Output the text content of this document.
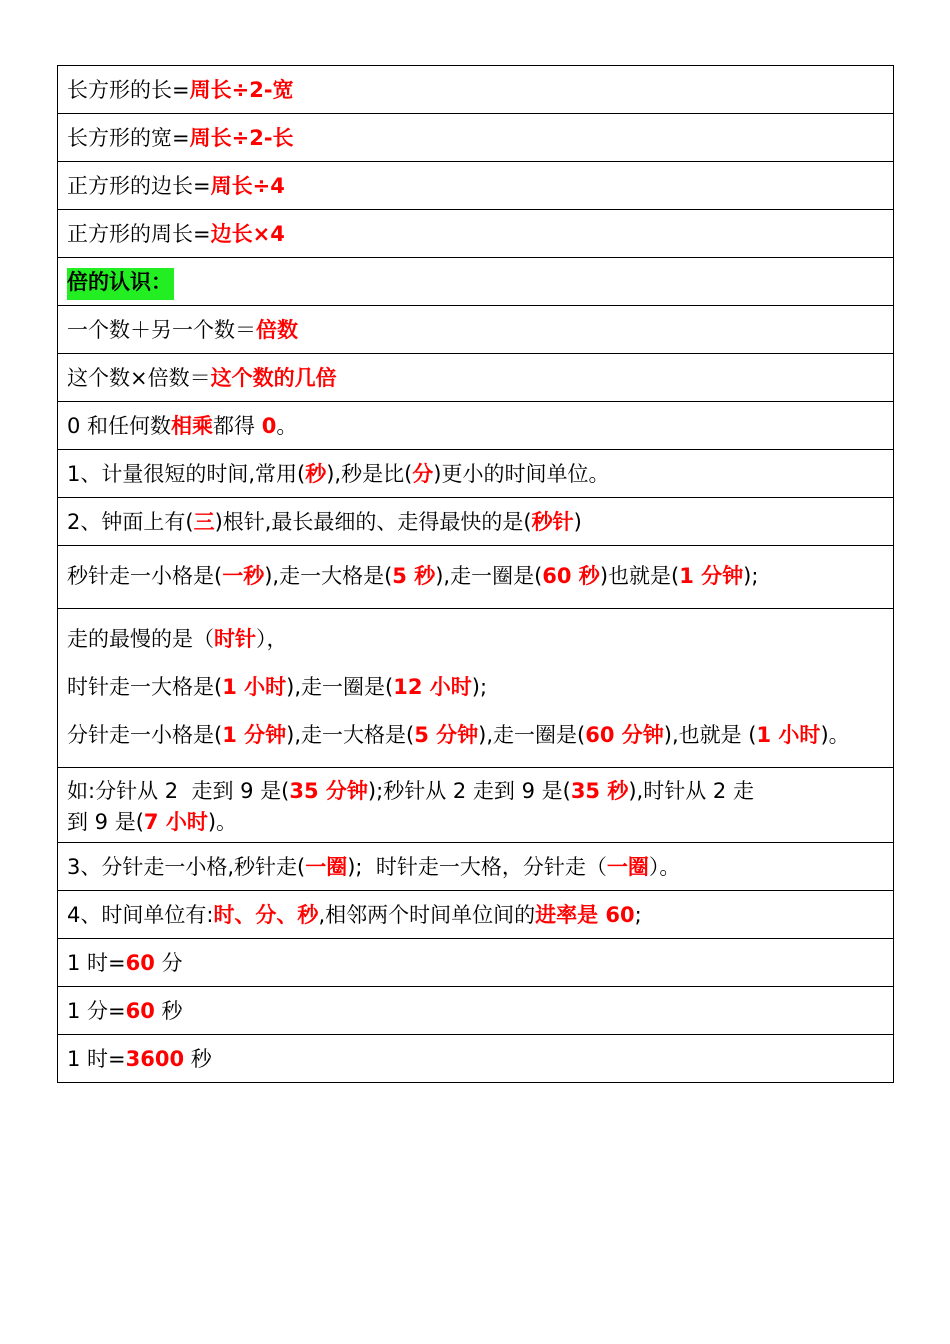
长方形的长=周长÷2-宽

长方形的宽=周长÷2-长

正方形的边长=周长÷4

正方形的周长=边长×4

倍的认识：

一个数＋另一个数＝倍数

这个数×倍数＝这个数的几倍

0 和任何数相乘都得 0。

1、计量很短的时间,常用(秒),秒是比(分)更小的时间单位。

2、钟面上有(三)根针,最长最细的、走得最快的是(秒针)

秒针走一小格是(一秒),走一大格是(5 秒),走一圈是(60 秒)也就是(1 分钟);

走的最慢的是（时针），
时针走一大格是(1 小时),走一圈是(12 小时);
分针走一小格是(1 分钟),走一大格是(5 分钟),走一圈是(60 分钟),也就是 (1 小时)。

如:分针从 2  走到 9 是(35 分钟);秒针从 2 走到 9 是(35 秒),时针从 2 走
到 9 是(7 小时)。

3、分针走一小格,秒针走(一圈);  时针走一大格，分针走（一圈）。

4、时间单位有:时、分、秒,相邻两个时间单位间的进率是 60;

1 时=60 分

1 分=60 秒

1 时=3600 秒
